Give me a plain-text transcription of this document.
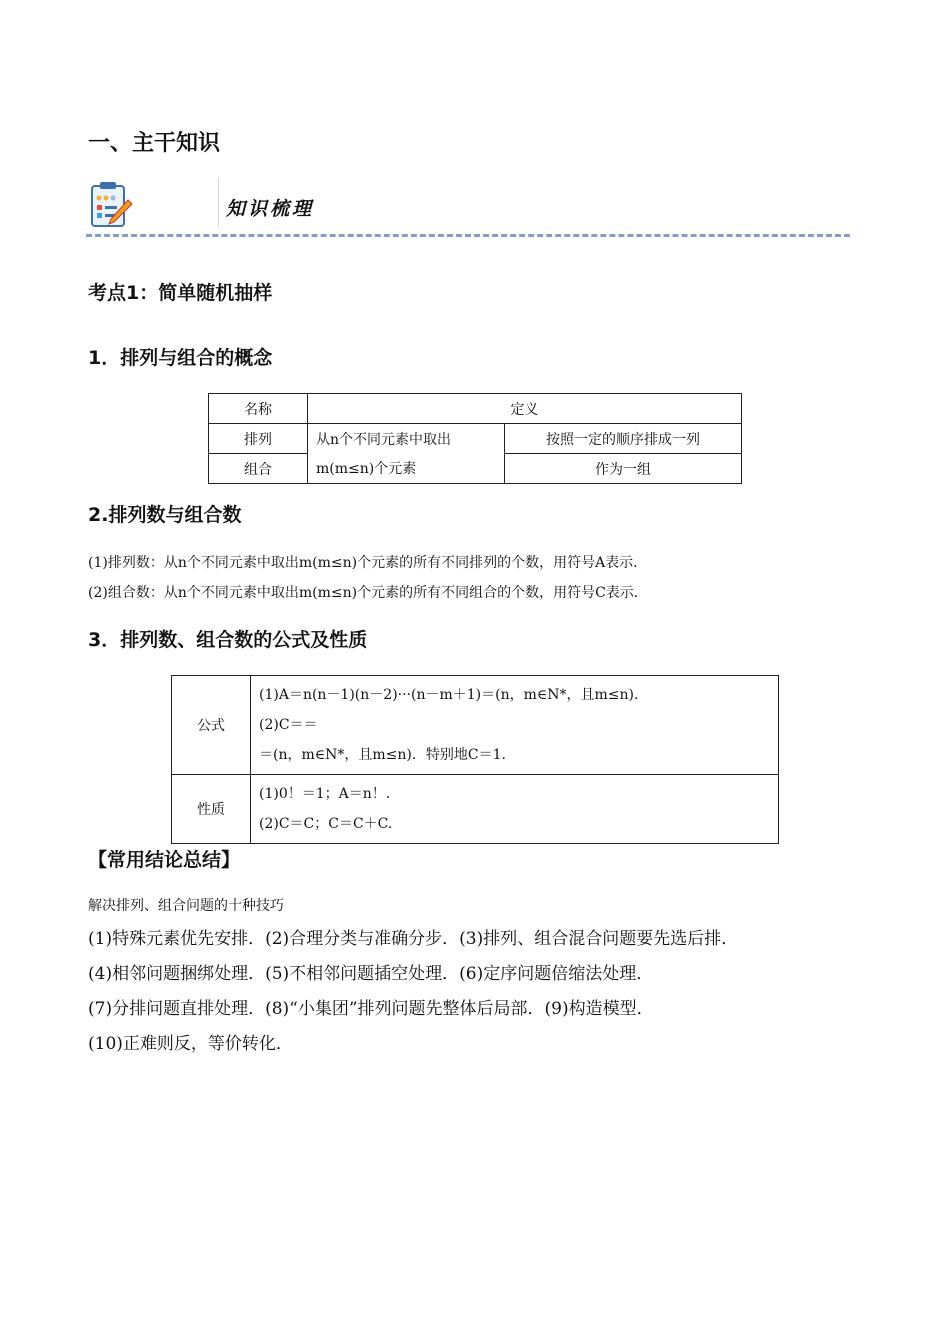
一、主干知识
知识梳理
考点1：简单随机抽样
1．排列与组合的概念
名称	定义	
排列	从n个不同元素中取出	按照一定的顺序排成一列
组合	m(m≤n)个元素	作为一组
2.排列数与组合数
(1)排列数：从n个不同元素中取出m(m≤n)个元素的所有不同排列的个数，用符号A表示．
(2)组合数：从n个不同元素中取出m(m≤n)个元素的所有不同组合的个数，用符号C表示．
3．排列数、组合数的公式及性质
公式	(1)A＝n(n－1)(n－2)···(n－m＋1)＝(n，m∈N*，且m≤n)．
(2)C＝＝
＝(n，m∈N*，且m≤n)．特别地C＝1.

性质	(1)0！＝1；A＝n！．
(2)C＝C；C＝C＋C.
【常用结论总结】
解决排列、组合问题的十种技巧
(1)特殊元素优先安排．(2)合理分类与准确分步．(3)排列、组合混合问题要先选后排．
(4)相邻问题捆绑处理．(5)不相邻问题插空处理．(6)定序问题倍缩法处理．
(7)分排问题直排处理．(8)“小集团”排列问题先整体后局部．(9)构造模型．
(10)正难则反，等价转化．
